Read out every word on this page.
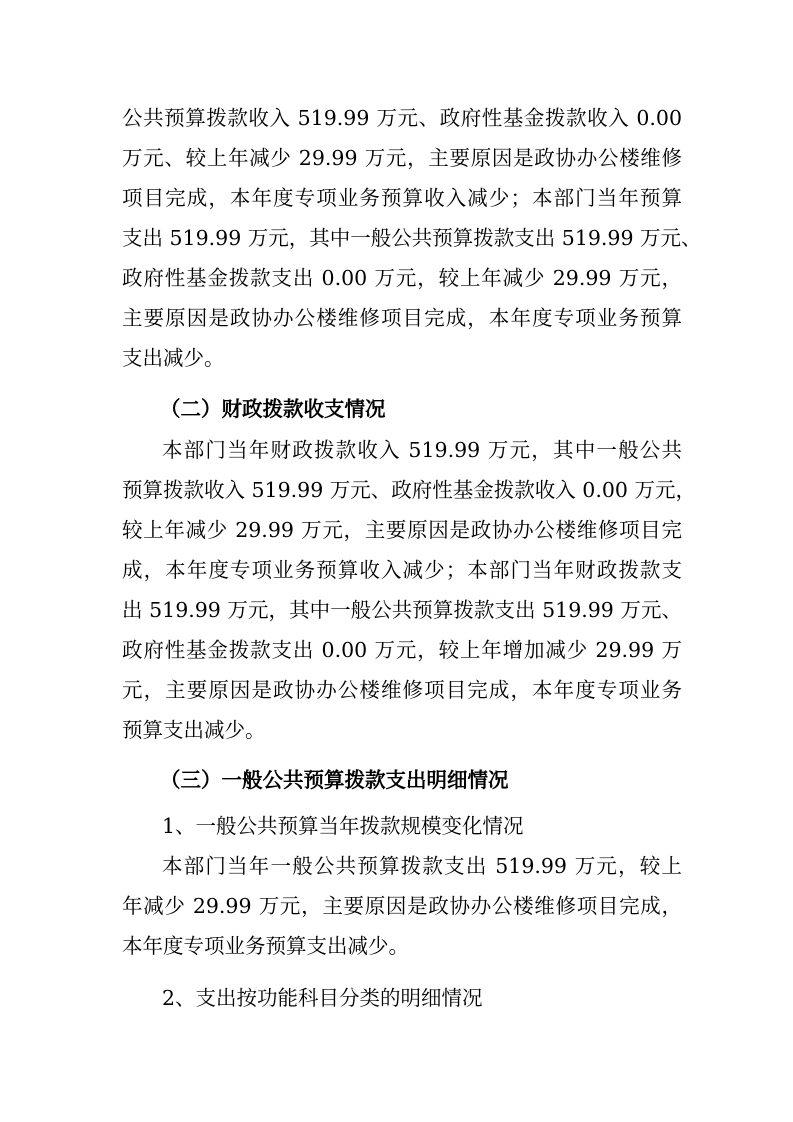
公共预算拨款收入 519.99 万元、政府性基金拨款收入 0.00
万元、较上年减少 29.99 万元，主要原因是政协办公楼维修
项目完成，本年度专项业务预算收入减少；本部门当年预算
支出 519.99 万元，其中一般公共预算拨款支出 519.99 万元、
政府性基金拨款支出 0.00 万元，较上年减少 29.99 万元，
主要原因是政协办公楼维修项目完成，本年度专项业务预算
支出减少。
（二）财政拨款收支情况
本部门当年财政拨款收入 519.99 万元，其中一般公共
预算拨款收入 519.99 万元、政府性基金拨款收入 0.00 万元，
较上年减少 29.99 万元，主要原因是政协办公楼维修项目完
成，本年度专项业务预算收入减少；本部门当年财政拨款支
出 519.99 万元，其中一般公共预算拨款支出 519.99 万元、
政府性基金拨款支出 0.00 万元，较上年增加减少 29.99 万
元，主要原因是政协办公楼维修项目完成，本年度专项业务
预算支出减少。
（三）一般公共预算拨款支出明细情况
1、一般公共预算当年拨款规模变化情况
本部门当年一般公共预算拨款支出 519.99 万元，较上
年减少 29.99 万元，主要原因是政协办公楼维修项目完成，
本年度专项业务预算支出减少。
2、支出按功能科目分类的明细情况
